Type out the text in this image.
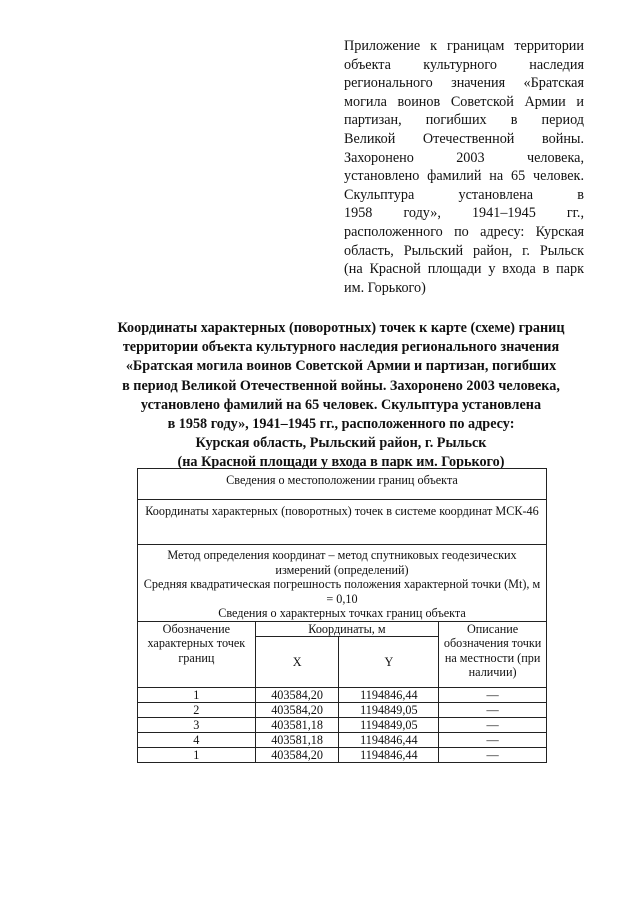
Приложение к границам территории
объекта культурного наследия
регионального значения «Братская
могила воинов Советской Армии и
партизан, погибших в период
Великой Отечественной войны.
Захоронено 2003 человека,
установлено фамилий на 65 человек.
Скульптура установлена в
1958 году», 1941–1945 гг.,
расположенного по адресу: Курская
область, Рыльский район, г. Рыльск
(на Красной площади у входа в парк
им. Горького)
Координаты характерных (поворотных) точек к карте (схеме) границ
территории объекта культурного наследия регионального значения
«Братская могила воинов Советской Армии и партизан, погибших
в период Великой Отечественной войны. Захоронено 2003 человека,
установлено фамилий на 65 человек. Скульптура установлена
в 1958 году», 1941–1945 гг., расположенного по адресу:
Курская область, Рыльский район, г. Рыльск
(на Красной площади у входа в парк им. Горького)
Сведения о местоположении границ объекта			
Координаты характерных (поворотных) точек в системе координат МСК-46			

Метод определения координат – метод спутниковых геодезических измерений (определений)
Средняя квадратическая погрешность положения характерной точки (Mt), м = 0,10
Сведения о характерных точках границ объекта			

Обозначение характерных точек границ	Координаты, м		Описание обозначения точки на местности (при наличии)
	X	Y	
1	403584,20	1194846,44	—
2	403584,20	1194849,05	—
3	403581,18	1194849,05	—
4	403581,18	1194846,44	—
1	403584,20	1194846,44	—
